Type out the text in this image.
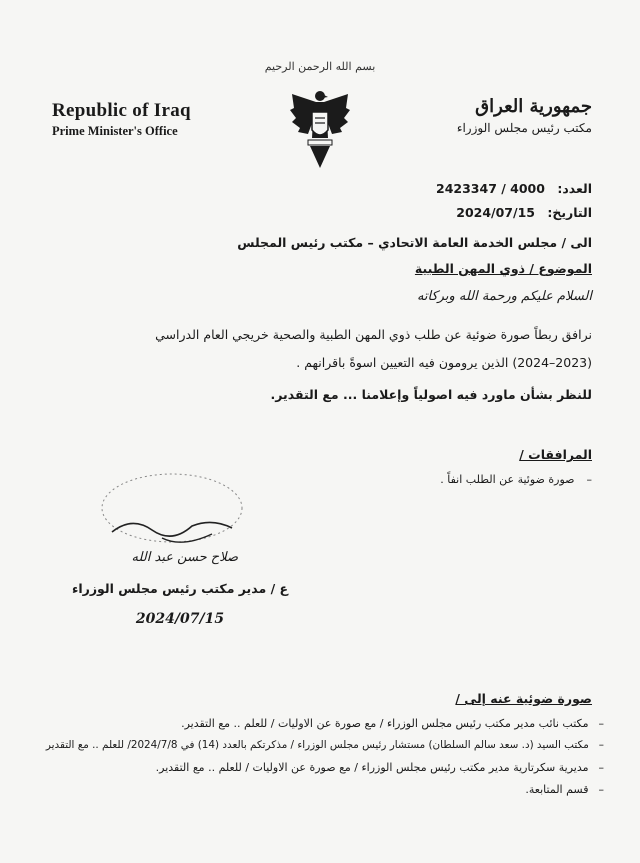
بسم الله الرحمن الرحيم
Republic of Iraq
Prime Minister's Office
جمهورية العراق
مكتب رئيس مجلس الوزراء
العدد: 2423347 / 4000
التاريخ: 2024/07/15
الى / مجلس الخدمة العامة الاتحادي – مكتب رئيس المجلس
الموضوع / ذوي المهن الطبية
السلام عليكم ورحمة الله وبركاته
نرافق ربطاً صورة ضوئية عن طلب ذوي المهن الطبية والصحية خريجي العام الدراسي
(2023–2024) الذين يرومون فيه التعيين اسوةً باقرانهم .
للنظر بشأن ماورد فيه اصولياً وإعلامنا ... مع التقدير.
المرافقات /
–صورة ضوئية عن الطلب انفاً .
صلاح حسن عبد الله
ع / مدير مكتب رئيس مجلس الوزراء
2024/07/15
صورة ضوئية عنه إلى /
–مكتب نائب مدير مكتب رئيس مجلس الوزراء / مع صورة عن الاوليات / للعلم .. مع التقدير.
–مكتب السيد (د. سعد سالم السلطان) مستشار رئيس مجلس الوزراء / مذكرتكم بالعدد (14) في 2024/7/8/ للعلم .. مع التقدير
–مديرية سكرتارية مدير مكتب رئيس مجلس الوزراء / مع صورة عن الاوليات / للعلم .. مع التقدير.
–قسم المتابعة.
